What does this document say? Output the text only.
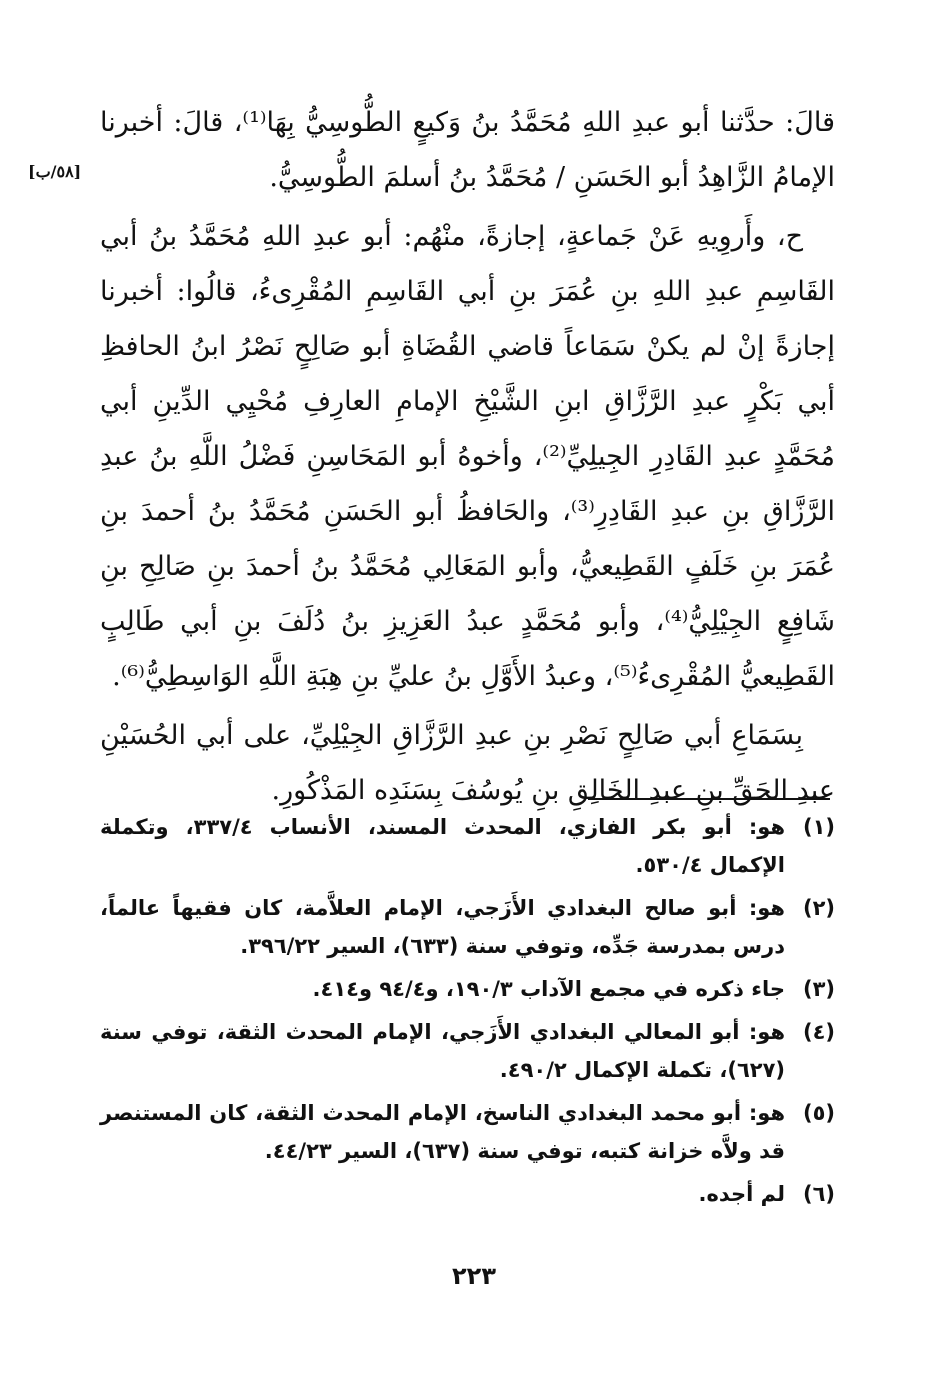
[٥٨/ب]

قالَ: حدَّثنا أبو عبدِ اللهِ مُحَمَّدُ بنُ وَكيعٍ الطُّوسِيُّ بِهَا⁽¹⁾، قالَ: أخبرنا الإمامُ الزَّاهِدُ أبو الحَسَنِ / مُحَمَّدُ بنُ أسلمَ الطُّوسِيُّ.

ح، وأَروِيهِ عَنْ جَماعةٍ، إجازةً، منْهُم: أبو عبدِ اللهِ مُحَمَّدُ بنُ أبي القَاسِمِ عبدِ اللهِ بنِ عُمَرَ بنِ أبي القَاسِمِ المُقْرِىءُ، قالُوا: أخبرنا إجازةً إنْ لم يكنْ سَمَاعاً قاضي القُضَاةِ أبو صَالِحٍ نَصْرُ ابنُ الحافظِ أبي بَكْرٍ عبدِ الرَّزَّاقِ ابنِ الشَّيْخِ الإمامِ العارِفِ مُحْيِي الدِّينِ أبي مُحَمَّدٍ عبدِ القَادِرِ الجِيلِيِّ⁽²⁾، وأخوهُ أبو المَحَاسِنِ فَضْلُ اللَّهِ بنُ عبدِ الرَّزَّاقِ بنِ عبدِ القَادِرِ⁽³⁾، والحَافظُ أبو الحَسَنِ مُحَمَّدُ بنُ أحمدَ بنِ عُمَرَ بنِ خَلَفٍ القَطِيعيُّ، وأبو المَعَالِي مُحَمَّدُ بنُ أحمدَ بنِ صَالِحِ بنِ شَافِعٍ الجِيْلِيُّ⁽⁴⁾، وأبو مُحَمَّدٍ عبدُ العَزِيزِ بنُ دُلَفَ بنِ أبي طَالِبٍ القَطِيعيُّ المُقْرِىءُ⁽⁵⁾، وعبدُ الأَوَّلِ بنُ عليِّ بنِ هِبَةِ اللَّهِ الوَاسِطِيُّ⁽⁶⁾.

بِسَمَاعِ أبي صَالِحٍ نَصْرِ بنِ عبدِ الرَّزَّاقِ الجِيْلِيِّ، على أبي الحُسَيْنِ عبدِ الحَقِّ بنِ عبدِ الخَالِقِ بنِ يُوسُفَ بِسَنَدِه المَذْكُورِ.

(١)
هو: أبو بكر الفازي، المحدث المسند، الأنساب ٣٣٧/٤، وتكملة الإكمال ٥٣٠/٤.
(٢)
هو: أبو صالح البغدادي الأَزَجي، الإمام العلاَّمة، كان فقيهاً عالماً، درس بمدرسة جَدِّه، وتوفي سنة (٦٣٣)، السير ٣٩٦/٢٢.
(٣)
جاء ذكره في مجمع الآداب ١٩٠/٣، و٩٤/٤ و٤١٤.
(٤)
هو: أبو المعالي البغدادي الأَزَجي، الإمام المحدث الثقة، توفي سنة (٦٢٧)، تكملة الإكمال ٤٩٠/٢.
(٥)
هو: أبو محمد البغدادي الناسخ، الإمام المحدث الثقة، كان المستنصر قد ولاَّه خزانة كتبه، توفي سنة (٦٣٧)، السير ٤٤/٢٣.
(٦)
لم أجده.
٢٢٣
